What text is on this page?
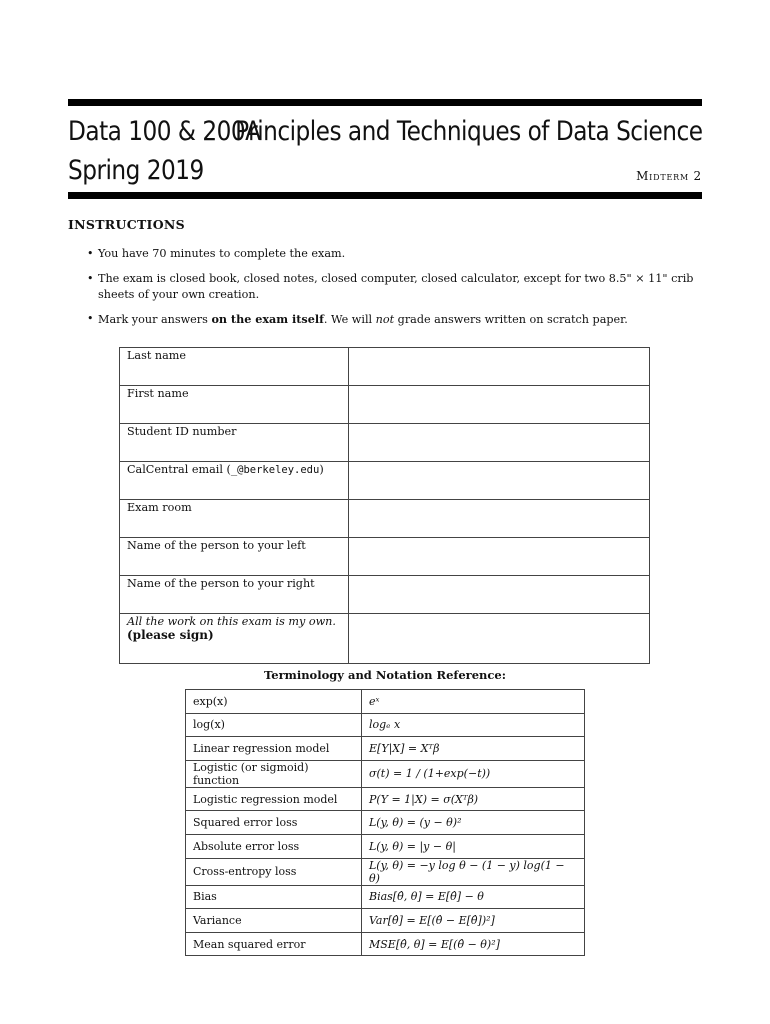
Data 100 & 200A
Spring 2019
Principles and Techniques of Data Science
Midterm 2
INSTRUCTIONS
• You have 70 minutes to complete the exam.
• The exam is closed book, closed notes, closed computer, closed calculator, except for two 8.5" × 11" crib sheets of your own creation.
• Mark your answers on the exam itself. We will not grade answers written on scratch paper.
Last name	
First name	
Student ID number	
CalCentral email (_@berkeley.edu)	
Exam room	
Name of the person to your left	
Name of the person to your right	
All the work on this exam is my own.
(please sign)	
Terminology and Notation Reference:
exp(x)	eˣ
log(x)	logₑ x
Linear regression model	E[Y|X] = Xᵀβ
Logistic (or sigmoid) function	σ(t) = 1 / (1+exp(−t))
Logistic regression model	P(Y = 1|X) = σ(Xᵀβ)
Squared error loss	L(y, θ) = (y − θ)²
Absolute error loss	L(y, θ) = |y − θ|
Cross-entropy loss	L(y, θ) = −y log θ − (1 − y) log(1 − θ)
Bias	Bias[θ̂, θ] = E[θ̂] − θ
Variance	Var[θ̂] = E[(θ̂ − E[θ̂])²]
Mean squared error	MSE[θ̂, θ] = E[(θ̂ − θ)²]
